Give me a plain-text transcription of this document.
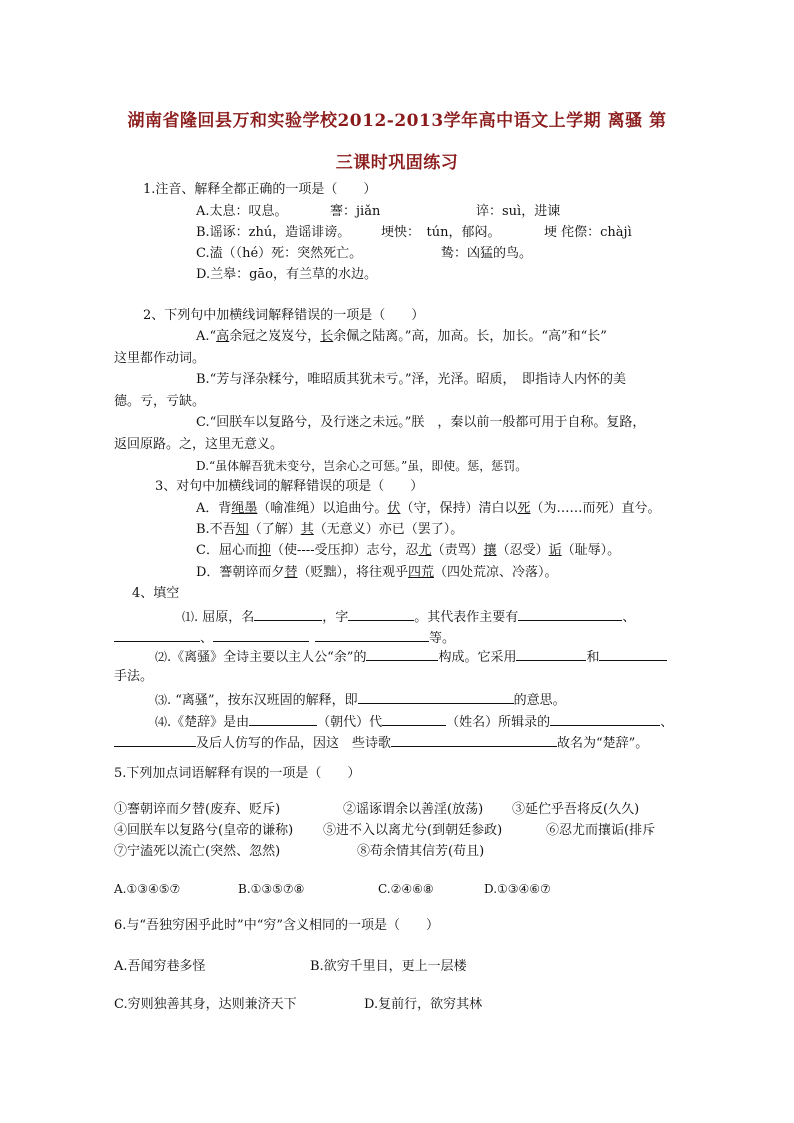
湖南省隆回县万和实验学校2012-2013学年高中语文上学期 离骚 第
三课时巩固练习
1.注音、解释全都正确的一项是（　　）
A.太息：叹息。	謇：jiǎn	谇：suì，进谏
B.谣诼：zhú，造谣诽谤。 埂怏：　tún，郁闷。	埂 侘傺：chàjì
C.溘（（hé）死：突然死亡。	鸷：凶猛的鸟。
D.兰皋：gāo，有兰草的水边。
2、下列句中加横线词解释错误的一项是（　　）
A.“高余冠之岌岌兮，长余佩之陆离。”高，加高。长，加长。“高”和“长”
这里都作动词。
B.“芳与泽杂糅兮，唯昭质其犹未亏。”泽，光泽。昭质，　即指诗人内怀的美
德。亏，亏缺。
C.“回朕车以复路兮，及行迷之未远。”朕　，秦以前一般都可用于自称。复路，
返回原路。之，这里无意义。
D.“虽体解吾犹未变兮，岂余心之可惩。”虽，即使。惩，惩罚。
3、对句中加横线词的解释错误的项是（　　）
A．背绳墨（喻准绳）以追曲兮。伏（守，保持）清白以死（为……而死）直兮。
B.不吾知（了解）其（无意义）亦已（罢了）。
C．屈心而抑（使----受压抑）志兮，忍尤（责骂）攘（忍受）诟（耻辱）。
D．謇朝谇而夕替（贬黜），将往观乎四荒（四处荒凉、冷落）。
4、填空
⑴. 屈原，名	，字	。其代表作主要有	、
、	等。
⑵.《离骚》全诗主要以主人公“余”的	构成。它采用	和
手法。
⑶. “离骚”，按东汉班固的解释，即	的意思。
⑷.《楚辞》是由	（朝代）代	（姓名）所辑录的	、
及后人仿写的作品，因这　些诗歌	故名为“楚辞”。
5.下列加点词语解释有误的一项是（　　）
①謇朝谇而夕替(废弃、贬斥)	②谣诼谓余以善淫(放荡) ③延伫乎吾将反(久久)
④回朕车以复路兮(皇帝的谦称) ⑤进不入以离尤兮(到朝廷参政)	⑥忍尤而攘诟(排斥
⑦宁溘死以流亡(突然、忽然)	⑧苟余情其信芳(苟且)
A.①③④⑤⑦	B.①③⑤⑦⑧	C.②④⑥⑧	D.①③④⑥⑦
6.与“吾独穷困乎此时”中“穷”含义相同的一项是（　　）
A.吾闻穷巷多怪	B.欲穷千里目，更上一层楼
C.穷则独善其身，达则兼济天下	D.复前行，欲穷其林
